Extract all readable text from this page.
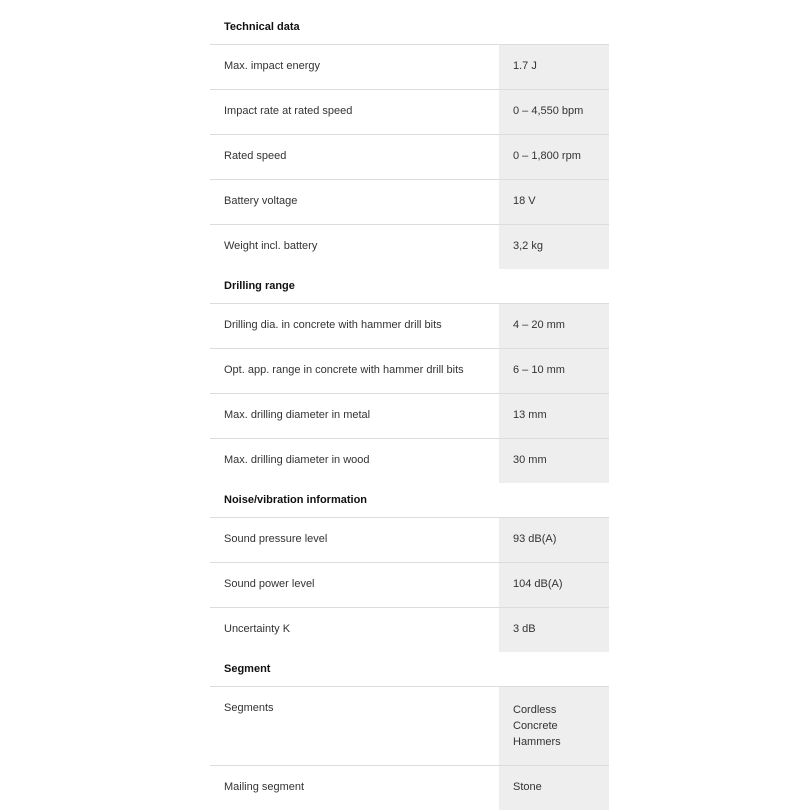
Technical data
Max. impact energy	1.7 J
Impact rate at rated speed	0 – 4,550 bpm
Rated speed	0 – 1,800 rpm
Battery voltage	18 V
Weight incl. battery	3,2 kg
Drilling range
Drilling dia. in concrete with hammer drill bits	4 – 20 mm
Opt. app. range in concrete with hammer drill bits	6 – 10 mm
Max. drilling diameter in metal	13 mm
Max. drilling diameter in wood	30 mm
Noise/vibration information
Sound pressure level	93 dB(A)
Sound power level	104 dB(A)
Uncertainty K	3 dB
Segment
Segments	Cordless Concrete Hammers
Mailing segment	Stone
